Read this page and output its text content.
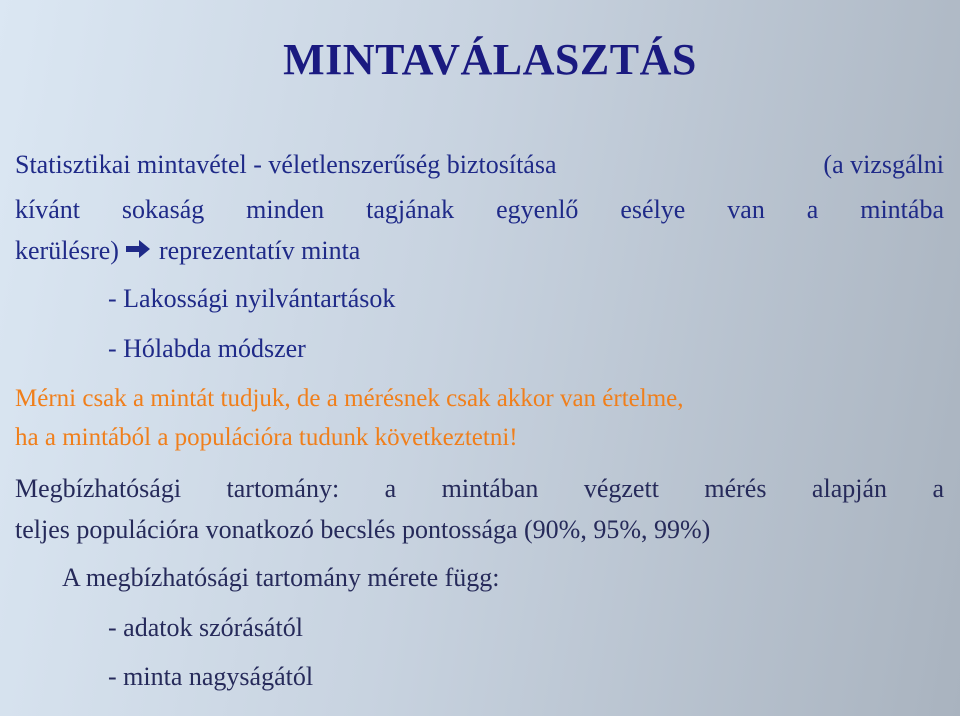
MINTAVÁLASZTÁS
Statisztikai mintavétel - véletlenszerűség biztosítása	(a vizsgálni
kívánt sokaság minden tagjának egyenlő esélye van a mintába
kerülésre) reprezentatív minta
- Lakossági nyilvántartások
- Hólabda módszer
Mérni csak a mintát tudjuk, de a mérésnek csak akkor van értelme,
ha a mintából a populációra tudunk következtetni!
Megbízhatósági tartomány: a mintában végzett mérés alapján a
teljes populációra vonatkozó becslés pontossága (90%, 95%, 99%)
A megbízhatósági tartomány mérete függ:
- adatok szórásától
- minta nagyságától
